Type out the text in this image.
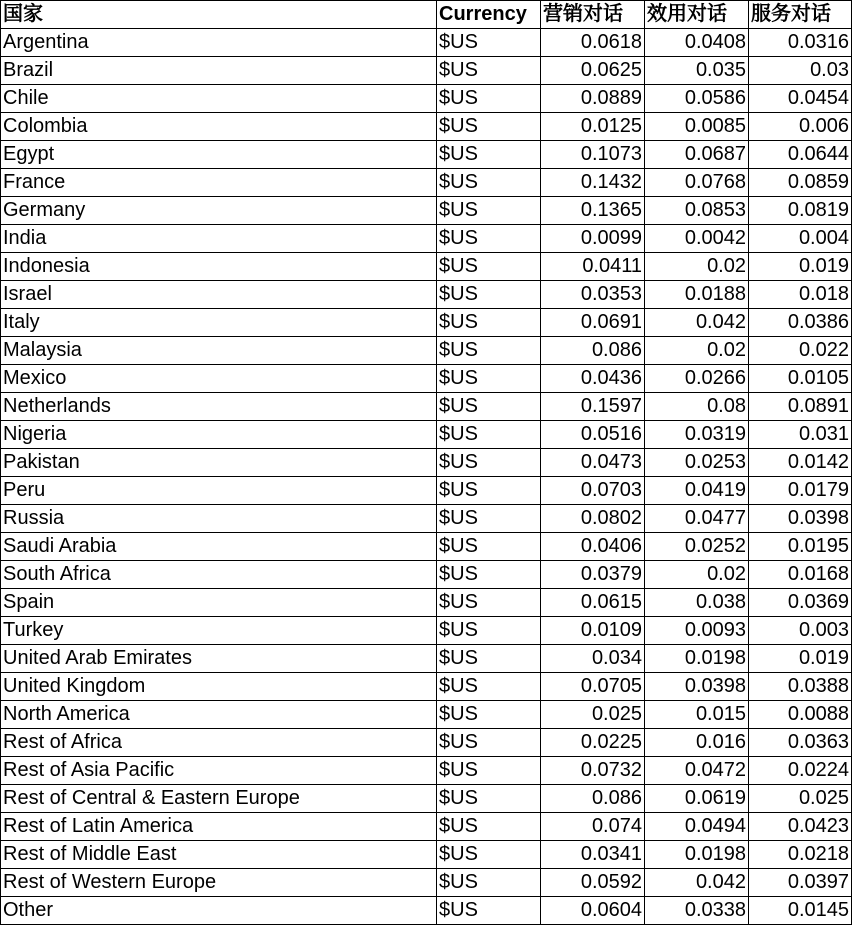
国家	Currency	营销对话	效用对话	服务对话
Argentina	$US	0.0618	0.0408	0.0316
Brazil	$US	0.0625	0.035	0.03
Chile	$US	0.0889	0.0586	0.0454
Colombia	$US	0.0125	0.0085	0.006
Egypt	$US	0.1073	0.0687	0.0644
France	$US	0.1432	0.0768	0.0859
Germany	$US	0.1365	0.0853	0.0819
India	$US	0.0099	0.0042	0.004
Indonesia	$US	0.0411	0.02	0.019
Israel	$US	0.0353	0.0188	0.018
Italy	$US	0.0691	0.042	0.0386
Malaysia	$US	0.086	0.02	0.022
Mexico	$US	0.0436	0.0266	0.0105
Netherlands	$US	0.1597	0.08	0.0891
Nigeria	$US	0.0516	0.0319	0.031
Pakistan	$US	0.0473	0.0253	0.0142
Peru	$US	0.0703	0.0419	0.0179
Russia	$US	0.0802	0.0477	0.0398
Saudi Arabia	$US	0.0406	0.0252	0.0195
South Africa	$US	0.0379	0.02	0.0168
Spain	$US	0.0615	0.038	0.0369
Turkey	$US	0.0109	0.0093	0.003
United Arab Emirates	$US	0.034	0.0198	0.019
United Kingdom	$US	0.0705	0.0398	0.0388
North America	$US	0.025	0.015	0.0088
Rest of Africa	$US	0.0225	0.016	0.0363
Rest of Asia Pacific	$US	0.0732	0.0472	0.0224
Rest of Central & Eastern Europe	$US	0.086	0.0619	0.025
Rest of Latin America	$US	0.074	0.0494	0.0423
Rest of Middle East	$US	0.0341	0.0198	0.0218
Rest of Western Europe	$US	0.0592	0.042	0.0397
Other	$US	0.0604	0.0338	0.0145
